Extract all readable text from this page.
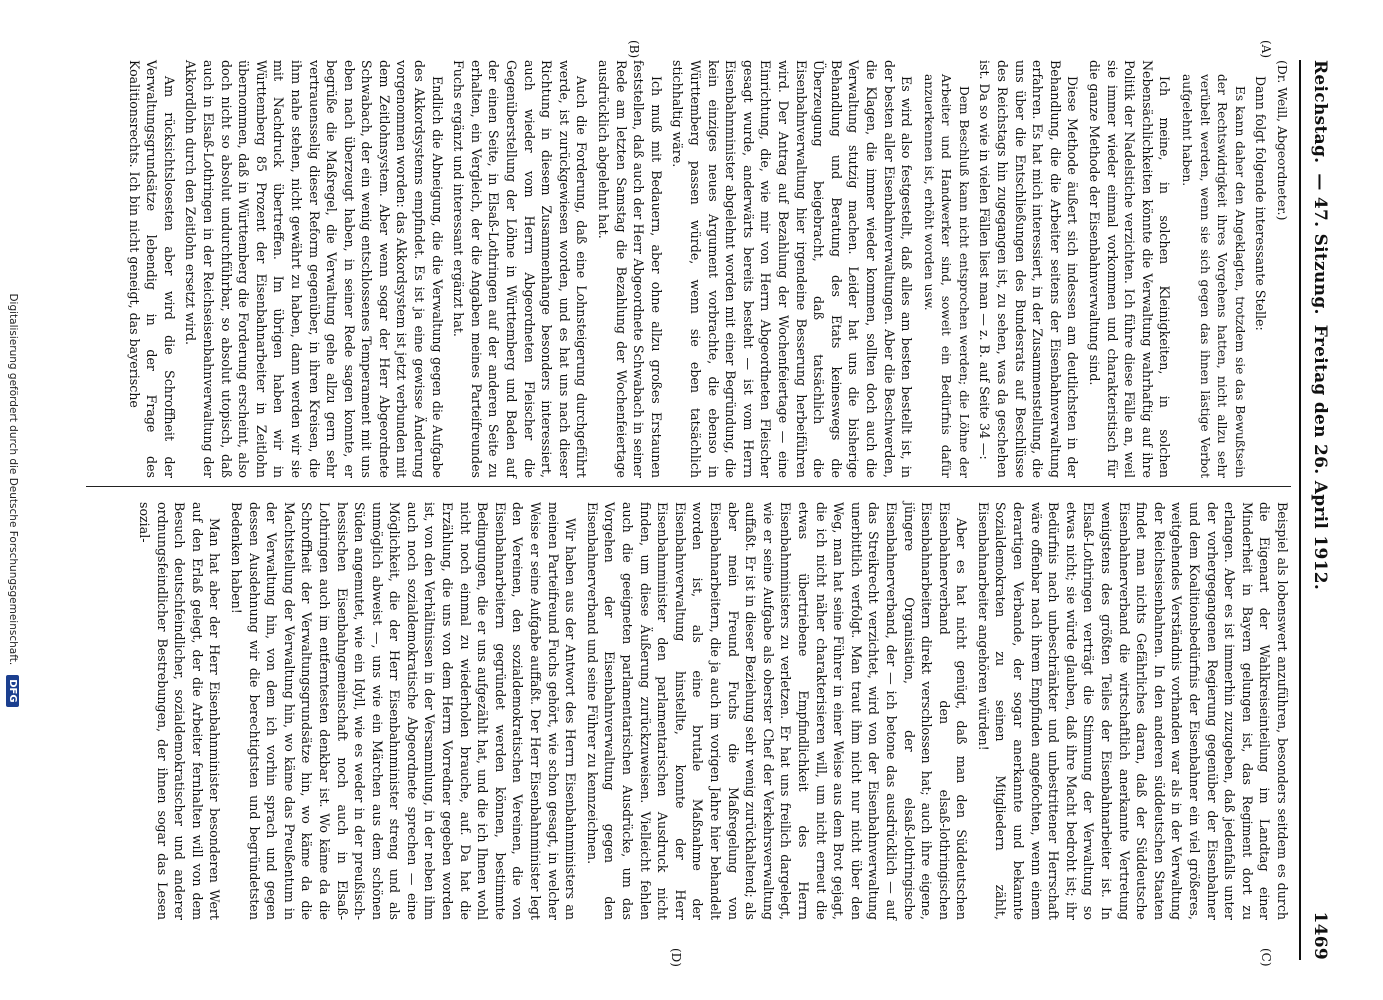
Reichstag.
— 47. Sitzung.
Freitag den 26. April 1912.
1469
(A)
(B)
(C)
(D)

(Dr. Weill, Abgeordneter.)

Dann folgt folgende interessante Stelle:

Es kann daher den Angeklagten, trotzdem sie das Bewußtsein der Rechtswidrigkeit ihres Vorgehens hatten, nicht allzu sehr verübelt werden, wenn sie sich gegen das ihnen lästige Verbot aufgelehnt haben.

Ich meine, in solchen Kleinigkeiten, in solchen Nebensächlichkeiten könnte die Verwaltung wahrhaftig auf ihre Politik der Nadelstiche verzichten. Ich führe diese Fälle an, weil sie immer wieder einmal vorkommen und charakteristisch für die ganze Methode der Eisenbahnverwaltung sind.

Diese Methode äußert sich indessen am deutlichsten in der Behandlung, die die Arbeiter seitens der Eisenbahnverwaltung erfahren. Es hat mich interessiert, in der Zusammenstellung, die uns über die Entschließungen des Bundesrats auf Beschlüsse des Reichstags hin zugegangen ist, zu sehen, was da geschehen ist. Da so wie in vielen Fällen liest man — z. B. auf Seite 34 —:

Dem Beschluß kann nicht entsprochen werden; die Löhne der Arbeiter und Handwerker sind, soweit ein Bedürfnis dafür anzuerkennen ist, erhöht worden usw.

Es wird also festgestellt, daß alles am besten bestellt ist, in der besten aller Eisenbahnverwaltungen. Aber die Beschwerden, die Klagen, die immer wieder kommen, sollten doch auch die Verwaltung stutzig machen. Leider hat uns die bisherige Behandlung und Beratung des Etats keineswegs die Überzeugung beigebracht, daß tatsächlich die Eisenbahnverwaltung hier irgendeine Besserung herbeiführen wird. Der Antrag auf Bezahlung der Wochenfeiertage — eine Einrichtung, die, wie mir von Herrn Abgeordneten Fleischer gesagt wurde, anderwärts bereits besteht — ist vom Herrn Eisenbahnminister abgelehnt worden mit einer Begründung, die kein einziges neues Argument vorbrachte, die ebenso in Württemberg passen würde, wenn sie eben tatsächlich stichhaltig wäre.

Ich muß mit Bedauern, aber ohne allzu großes Erstaunen feststellen, daß auch der Herr Abgeordnete Schwabach in seiner Rede am letzten Samstag die Bezahlung der Wochenfeiertage ausdrücklich abgelehnt hat.

Auch die Forderung, daß eine Lohnsteigerung durchgeführt werde, ist zurückgewiesen worden, und es hat uns nach dieser Richtung in diesem Zusammenhange besonders interessiert, auch wieder vom Herrn Abgeordneten Fleischer die Gegenüberstellung der Löhne in Württemberg und Baden auf der einen Seite, in Elsaß-Lothringen auf der anderen Seite zu erhalten, ein Vergleich, der die Angaben meines Parteifreundes Fuchs ergänzt und interessant ergänzt hat.

Endlich die Abneigung, die die Verwaltung gegen die Aufgabe des Akkordsystems empfindet. Es ist ja eine gewisse Änderung vorgenommen worden: das Akkordsystem ist jetzt verbunden mit dem Zeitlohnsystem. Aber wenn sogar der Herr Abgeordnete Schwabach, der ein wenig entschlossenes Temperament mit uns eben nach überzeugt haben, in seiner Rede sagen konnte, er begrüße die Maßregel, die Verwaltung gehe allzu gern sehr vertrauensselig dieser Reform gegenüber, in ihren Kreisen, die ihm nahe stehen, nicht gewährt zu haben, dann werden wir sie mit Nachdruck übertreffen. Im übrigen haben wir in Württemberg 85 Prozent der Eisenbahnarbeiter in Zeitlohn übernommen, daß in Württemberg die Forderung erscheint, also doch nicht so absolut undurchführbar, so absolut utopisch, daß auch in Elsaß-Lothringen in der Reichseisenbahnverwaltung der Akkordlohn durch den Zeitlohn ersetzt wird.

Am rücksichtslosesten aber wird die Schroffheit der Verwaltungsgrundsätze lebendig in der Frage des Koalitionsrechts. Ich bin nicht geneigt, das bayerische

Beispiel als lobenswert anzuführen, besonders seitdem es durch die Eigenart der Wahlkreiseinteilung im Landtag einer Minderheit in Bayern gelungen ist, das Regiment dort zu erlangen. Aber es ist immerhin zuzugeben, daß jedenfalls unter der vorhergegangenen Regierung gegenüber der Eisenbahner und dem Koalitionsbedürfnis der Eisenbahner ein viel größeres, weitgehendes Verständnis vorhanden war als in der Verwaltung der Reichseisenbahnen. In den anderen süddeutschen Staaten findet man nichts Gefährliches daran, daß der Süddeutsche Eisenbahnerverband die wirtschaftlich anerkannte Vertretung wenigstens des größten Teiles der Eisenbahnarbeiter ist. In Elsaß-Lothringen verträgt die Stimmung der Verwaltung so etwas nicht; sie würde glauben, daß ihre Macht bedroht ist; ihr Bedürfnis nach unbeschränkter und unbestrittener Herrschaft wäre offenbar nach ihrem Empfinden angefochten, wenn einem derartigen Verbande, der sogar anerkannte und bekannte Sozialdemokraten zu seinen Mitgliedern zählt, Eisenbahnarbeiter angehören würden!

Aber es hat nicht genügt, daß man den Süddeutschen Eisenbahnerverband den elsaß-lothringischen Eisenbahnarbeitern direkt verschlossen hat; auch ihre eigene, jüngere Organisation, der elsaß-lothringische Eisenbahnerverband, der — ich betone das ausdrücklich — auf das Streikrecht verzichtet, wird von der Eisenbahnverwaltung unerbittlich verfolgt. Man traut ihm nicht nur nicht über den Weg, man hat seine Führer in einer Weise aus dem Brot gejagt, die ich nicht näher charakterisieren will, um nicht erneut die etwas übertriebene Empfindlichkeit des Herrn Eisenbahnministers zu verletzen. Er hat uns freilich dargelegt, wie er seine Aufgabe als oberster Chef der Verkehrsverwaltung auffaßt. Er ist in dieser Beziehung sehr wenig zurückhaltend; als aber mein Freund Fuchs die Maßregelung von Eisenbahnarbeitern, die ja auch im vorigen Jahre hier behandelt worden ist, als eine brutale Maßnahme der Eisenbahnverwaltung hinstellte, konnte der Herr Eisenbahnminister den parlamentarischen Ausdruck nicht finden, um diese Äußerung zurückzuweisen. Vielleicht fehlen auch die geeigneten parlamentarischen Ausdrücke, um das Vorgehen der Eisenbahnverwaltung gegen den Eisenbahnerverband und seine Führer zu kennzeichnen.

Wir haben aus der Antwort des Herrn Eisenbahnministers an meinen Parteifreund Fuchs gehört, wie schon gesagt, in welcher Weise er seine Aufgabe auffaßt. Der Herr Eisenbahnminister legt den Vereinen, den sozialdemokratischen Vereinen, die von Eisenbahnarbeitern gegründet werden können, bestimmte Bedingungen, die er uns aufgezählt hat, und die ich Ihnen wohl nicht noch einmal zu wiederholen brauche, auf. Da hat die Erzählung, die uns von dem Herrn Vorredner gegeben worden ist, von den Verhältnissen in der Versammlung, in der neben ihm auch noch sozialdemokratische Abgeordnete sprechen — eine Möglichkeit, die der Herr Eisenbahnminister streng und als unmöglich abweist —, uns wie ein Märchen aus dem schönen Süden angemutet, wie ein Idyll, wie es weder in der preußisch-hessischen Eisenbahngemeinschaft noch auch in Elsaß-Lothringen auch im entferntesten denkbar ist. Wo käme da die Schroffheit der Verwaltungsgrundsätze hin, wo käme da die Machtstellung der Verwaltung hin, wo käme das Preußentum in der Verwaltung hin, von dem ich vorhin sprach und gegen dessen Ausdehnung wir die berechtigtsten und begründetsten Bedenken haben!

Man hat aber der Herr Eisenbahnminister besonderen Wert auf den Erlaß gelegt, der die Arbeiter fernhalten will von dem Besuch deutschfeindlicher, sozialdemokratischer und anderer ordnungsfeindlicher Bestrebungen, der ihnen sogar das Lesen sozial-

Digitalisierung gefördert durch die Deutsche Forschungsgemeinschaft.
DFG
